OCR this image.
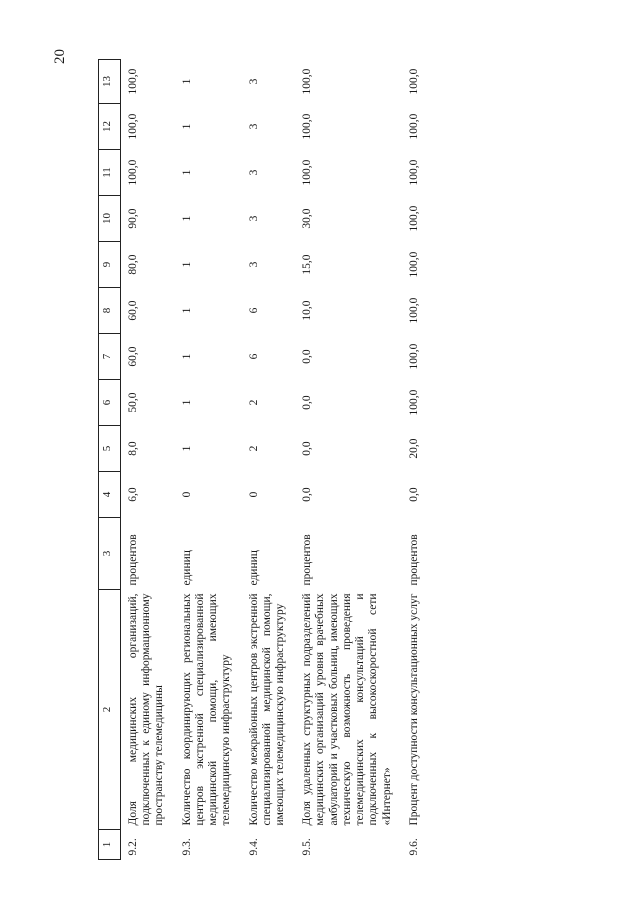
20
1	2	3	4	5	6	7	8	9	10	11	12	13
9.2.	Доля медицинских организаций, подключенных к единому информационному пространству телемедицины	процентов	6,0	8,0	50,0	60,0	60,0	80,0	90,0	100,0	100,0	100,0
9.3.	Количество координирующих региональных центров экстренной специализированной медицинской помощи, имеющих телемедицинскую инфраструктуру	единиц	0	1	1	1	1	1	1	1	1	1
9.4.	Количество межрайонных центров экстренной специализированной медицинской помощи, имеющих телемедицинскую инфраструктуру	единиц	0	2	2	6	6	3	3	3	3	3
9.5.	Доля удаленных структурных подразделений медицинских организаций уровня врачебных амбулаторий и участковых больниц, имеющих техническую возможность проведения телемедицинских консультаций и подключенных к высокоскоростной сети «Интернет»	процентов	0,0	0,0	0,0	0,0	10,0	15,0	30,0	100,0	100,0	100,0
9.6.	Процент доступности консультационных услуг	процентов	0,0	20,0	100,0	100,0	100,0	100,0	100,0	100,0	100,0	100,0
